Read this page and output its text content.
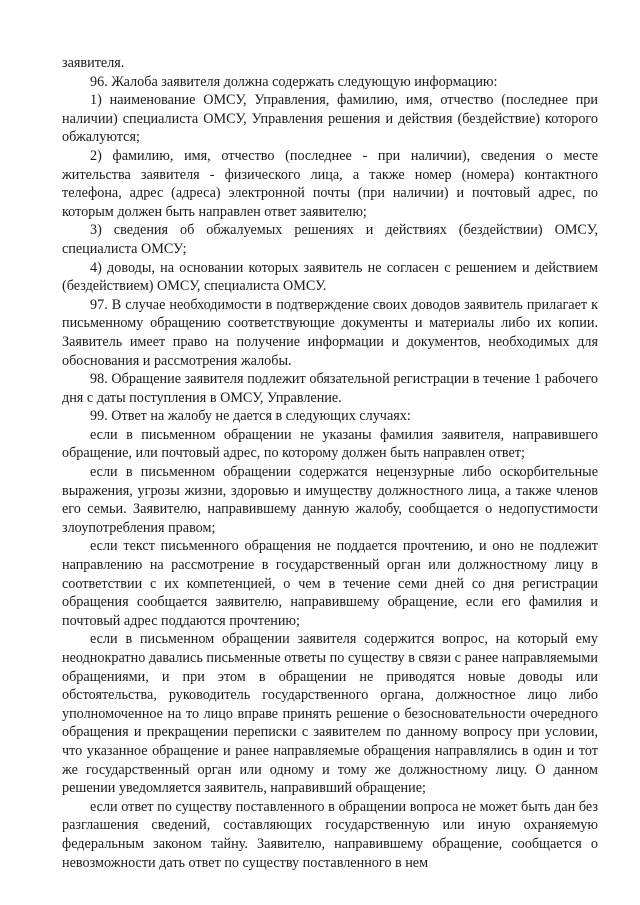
заявителя.

96. Жалоба заявителя должна содержать следующую информацию:

1) наименование ОМСУ, Управления, фамилию, имя, отчество (последнее при наличии) специалиста ОМСУ, Управления решения и действия (бездействие) которого обжалуются;

2) фамилию, имя, отчество (последнее - при наличии), сведения о месте жительства заявителя - физического лица, а также номер (номера) контактного телефона, адрес (адреса) электронной почты (при наличии) и почтовый адрес, по которым должен быть направлен ответ заявителю;

3) сведения об обжалуемых решениях и действиях (бездействии) ОМСУ, специалиста ОМСУ;

4) доводы, на основании которых заявитель не согласен с решением и действием (бездействием) ОМСУ, специалиста ОМСУ.

97. В случае необходимости в подтверждение своих доводов заявитель прилагает к письменному обращению соответствующие документы и материалы либо их копии. Заявитель имеет право на получение информации и документов, необходимых для обоснования и рассмотрения жалобы.

98. Обращение заявителя подлежит обязательной регистрации в течение 1 рабочего дня с даты поступления в ОМСУ, Управление.

99. Ответ на жалобу не дается в следующих случаях:

если в письменном обращении не указаны фамилия заявителя, направившего обращение, или почтовый адрес, по которому должен быть направлен ответ;

если в письменном обращении содержатся нецензурные либо оскорбительные выражения, угрозы жизни, здоровью и имуществу должностного лица, а также членов его семьи. Заявителю, направившему данную жалобу, сообщается о недопустимости злоупотребления правом;

если текст письменного обращения не поддается прочтению, и оно не подлежит направлению на рассмотрение в государственный орган или должностному лицу в соответствии с их компетенцией, о чем в течение семи дней со дня регистрации обращения сообщается заявителю, направившему обращение, если его фамилия и почтовый адрес поддаются прочтению;

если в письменном обращении заявителя содержится вопрос, на который ему неоднократно давались письменные ответы по существу в связи с ранее направляемыми обращениями, и при этом в обращении не приводятся новые доводы или обстоятельства, руководитель государственного органа, должностное лицо либо уполномоченное на то лицо вправе принять решение о безосновательности очередного обращения и прекращении переписки с заявителем по данному вопросу при условии, что указанное обращение и ранее направляемые обращения направлялись в один и тот же государственный орган или одному и тому же должностному лицу. О данном решении уведомляется заявитель, направивший обращение;

если ответ по существу поставленного в обращении вопроса не может быть дан без разглашения сведений, составляющих государственную или иную охраняемую федеральным законом тайну. Заявителю, направившему обращение, сообщается о невозможности дать ответ по существу поставленного в нем
